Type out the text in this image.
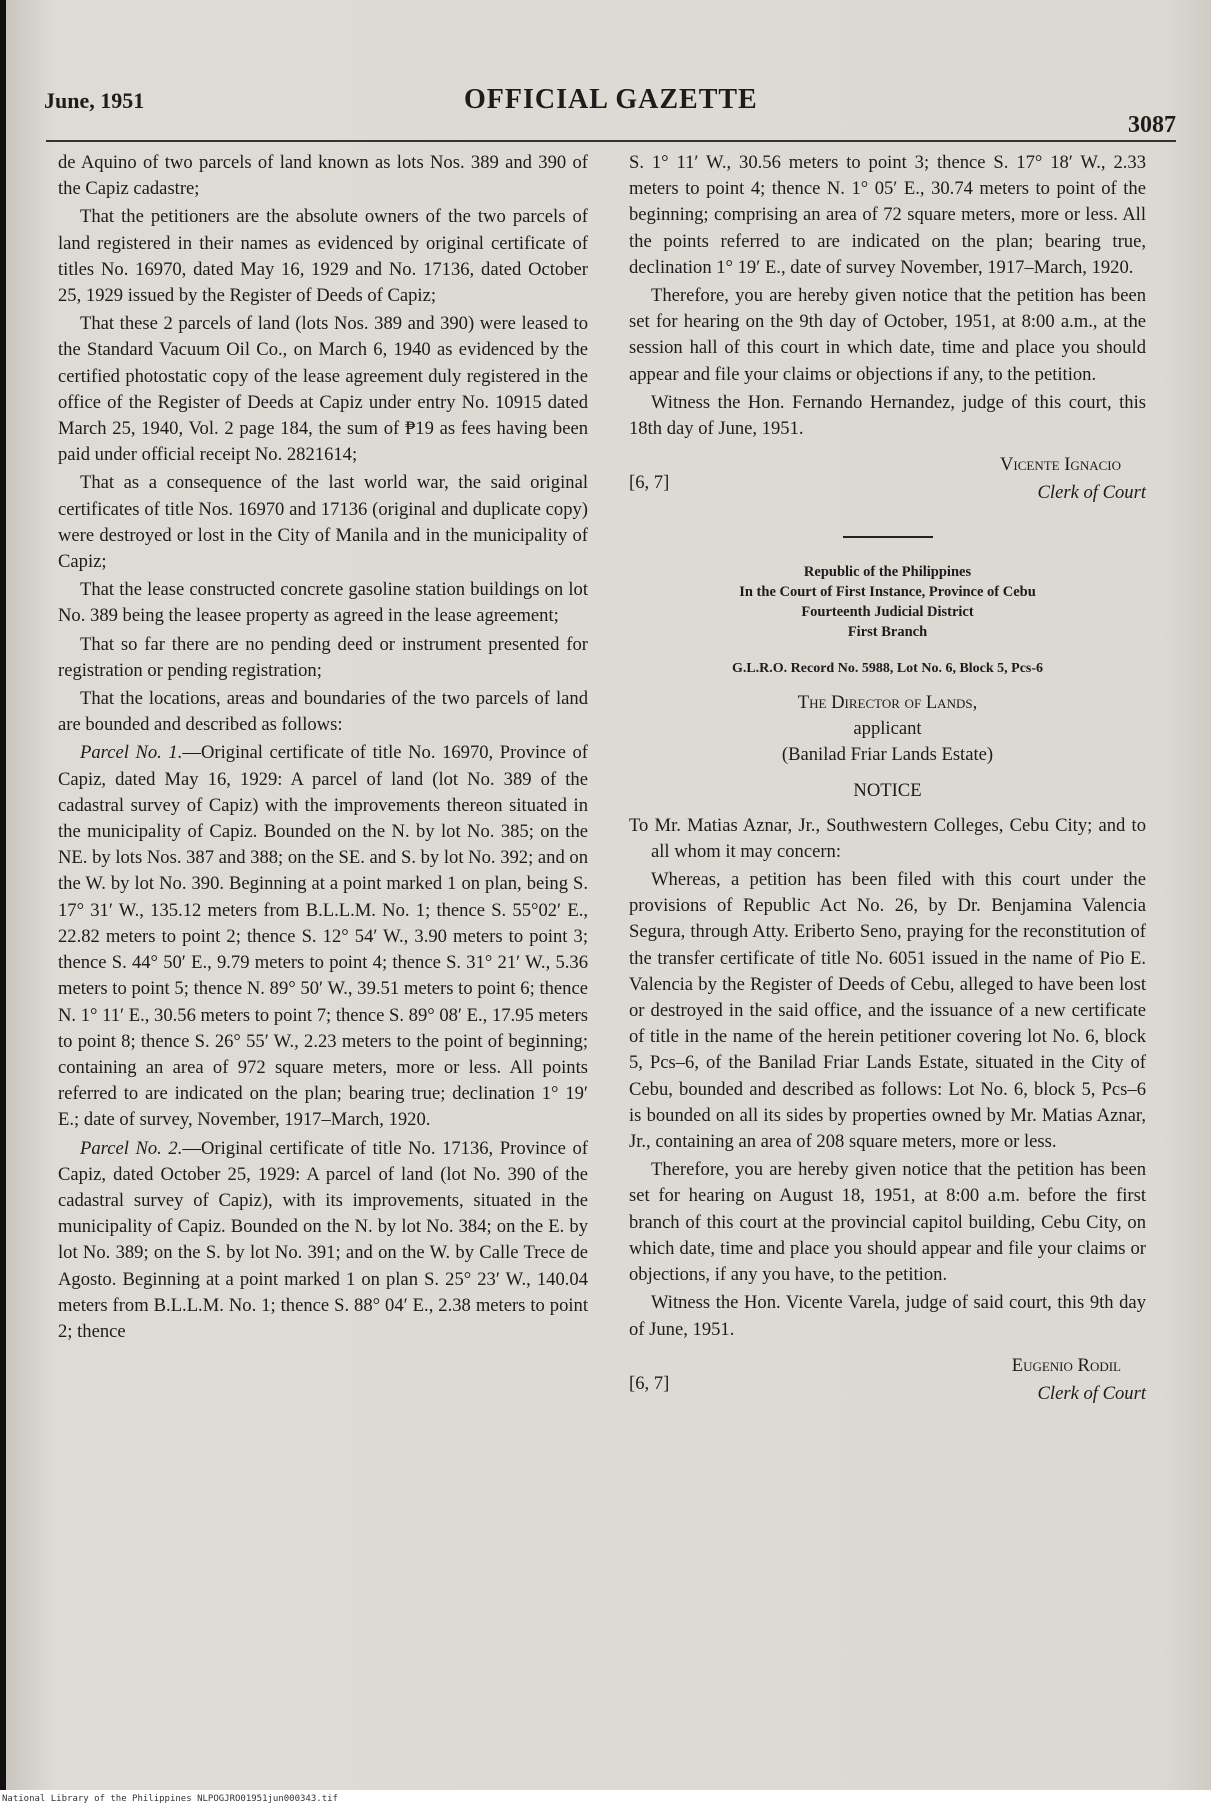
June, 1951	OFFICIAL GAZETTE
3087

de Aquino of two parcels of land known as lots Nos. 389 and 390 of the Capiz cadastre;

That the petitioners are the absolute owners of the two parcels of land registered in their names as evidenced by original certificate of titles No. 16970, dated May 16, 1929 and No. 17136, dated October 25, 1929 issued by the Register of Deeds of Capiz;

That these 2 parcels of land (lots Nos. 389 and 390) were leased to the Standard Vacuum Oil Co., on March 6, 1940 as evidenced by the certified photostatic copy of the lease agreement duly registered in the office of the Register of Deeds at Capiz under entry No. 10915 dated March 25, 1940, Vol. 2 page 184, the sum of ₱19 as fees having been paid under official receipt No. 2821614;

That as a consequence of the last world war, the said original certificates of title Nos. 16970 and 17136 (original and duplicate copy) were destroyed or lost in the City of Manila and in the municipality of Capiz;

That the lease constructed concrete gasoline station buildings on lot No. 389 being the leasee property as agreed in the lease agreement;

That so far there are no pending deed or instrument presented for registration or pending registration;

That the locations, areas and boundaries of the two parcels of land are bounded and described as follows:

Parcel No. 1.—Original certificate of title No. 16970, Province of Capiz, dated May 16, 1929: A parcel of land (lot No. 389 of the cadastral survey of Capiz) with the improvements thereon situated in the municipality of Capiz. Bounded on the N. by lot No. 385; on the NE. by lots Nos. 387 and 388; on the SE. and S. by lot No. 392; and on the W. by lot No. 390. Beginning at a point marked 1 on plan, being S. 17° 31′ W., 135.12 meters from B.L.L.M. No. 1; thence S. 55°02′ E., 22.82 meters to point 2; thence S. 12° 54′ W., 3.90 meters to point 3; thence S. 44° 50′ E., 9.79 meters to point 4; thence S. 31° 21′ W., 5.36 meters to point 5; thence N. 89° 50′ W., 39.51 meters to point 6; thence N. 1° 11′ E., 30.56 meters to point 7; thence S. 89° 08′ E., 17.95 meters to point 8; thence S. 26° 55′ W., 2.23 meters to the point of beginning; containing an area of 972 square meters, more or less. All points referred to are indicated on the plan; bearing true; declination 1° 19′ E.; date of survey, November, 1917–March, 1920.

Parcel No. 2.—Original certificate of title No. 17136, Province of Capiz, dated October 25, 1929: A parcel of land (lot No. 390 of the cadastral survey of Capiz), with its improvements, situated in the municipality of Capiz. Bounded on the N. by lot No. 384; on the E. by lot No. 389; on the S. by lot No. 391; and on the W. by Calle Trece de Agosto. Beginning at a point marked 1 on plan S. 25° 23′ W., 140.04 meters from B.L.L.M. No. 1; thence S. 88° 04′ E., 2.38 meters to point 2; thence

S. 1° 11′ W., 30.56 meters to point 3; thence S. 17° 18′ W., 2.33 meters to point 4; thence N. 1° 05′ E., 30.74 meters to point of the beginning; comprising an area of 72 square meters, more or less. All the points referred to are indicated on the plan; bearing true, declination 1° 19′ E., date of survey November, 1917–March, 1920.

Therefore, you are hereby given notice that the petition has been set for hearing on the 9th day of October, 1951, at 8:00 a.m., at the session hall of this court in which date, time and place you should appear and file your claims or objections if any, to the petition.

Witness the Hon. Fernando Hernandez, judge of this court, this 18th day of June, 1951.

[6, 7]
Vicente Ignacio
Clerk of Court
Republic of the Philippines
In the Court of First Instance, Province of Cebu
Fourteenth Judicial District
First Branch
G.L.R.O. Record No. 5988, Lot No. 6, Block 5, Pcs-6
The Director of Lands,
applicant
(Banilad Friar Lands Estate)
NOTICE

To Mr. Matias Aznar, Jr., Southwestern Colleges, Cebu City; and to all whom it may concern:

Whereas, a petition has been filed with this court under the provisions of Republic Act No. 26, by Dr. Benjamina Valencia Segura, through Atty. Eriberto Seno, praying for the reconstitution of the transfer certificate of title No. 6051 issued in the name of Pio E. Valencia by the Register of Deeds of Cebu, alleged to have been lost or destroyed in the said office, and the issuance of a new certificate of title in the name of the herein petitioner covering lot No. 6, block 5, Pcs–6, of the Banilad Friar Lands Estate, situated in the City of Cebu, bounded and described as follows: Lot No. 6, block 5, Pcs–6 is bounded on all its sides by properties owned by Mr. Matias Aznar, Jr., containing an area of 208 square meters, more or less.

Therefore, you are hereby given notice that the petition has been set for hearing on August 18, 1951, at 8:00 a.m. before the first branch of this court at the provincial capitol building, Cebu City, on which date, time and place you should appear and file your claims or objections, if any you have, to the petition.

Witness the Hon. Vicente Varela, judge of said court, this 9th day of June, 1951.

[6, 7]
Eugenio Rodil
Clerk of Court
National Library of the Philippines NLPOGJRO01951jun000343.tif
